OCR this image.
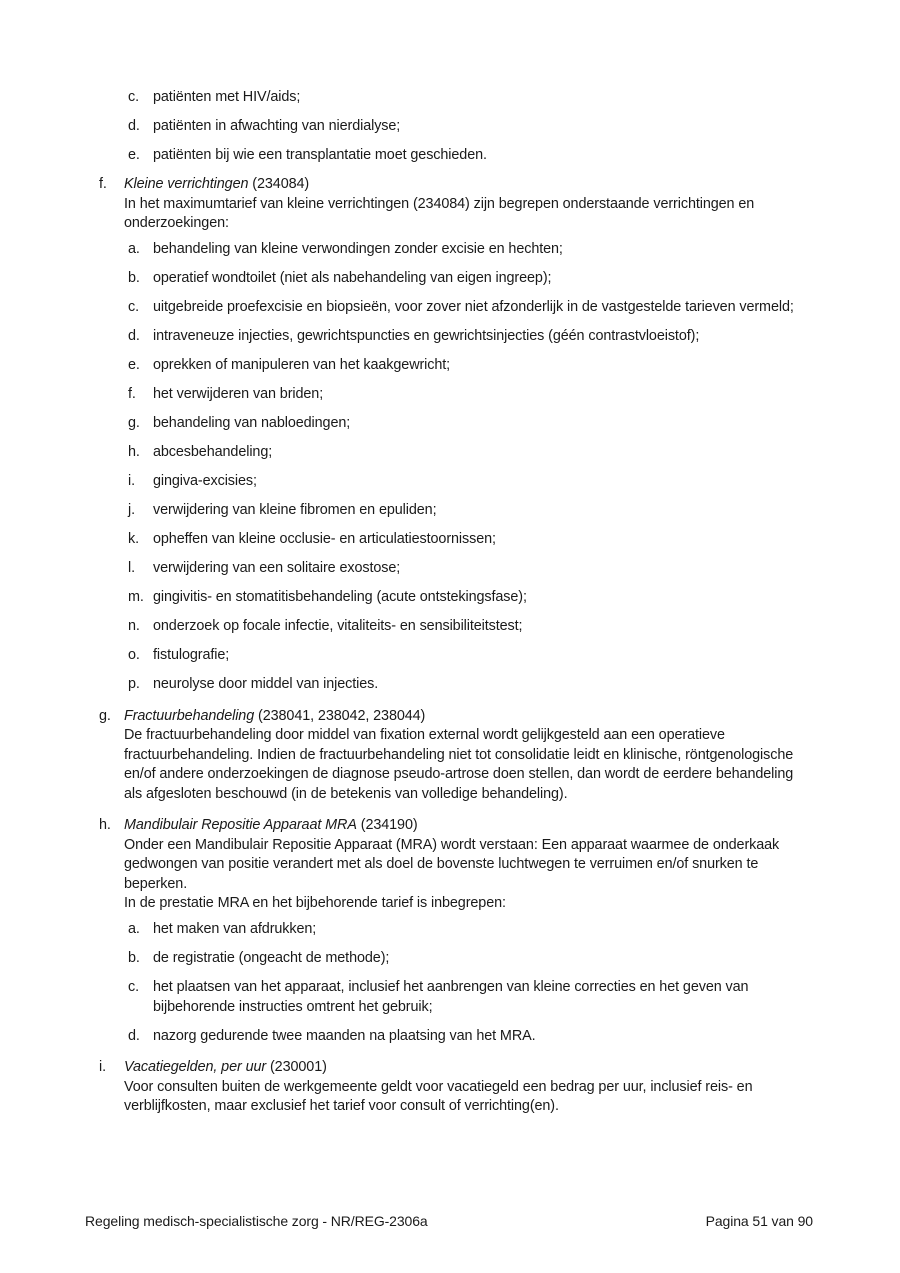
c. patiënten met HIV/aids;
d. patiënten in afwachting van nierdialyse;
e. patiënten bij wie een transplantatie moet geschieden.
f. Kleine verrichtingen (234084)

In het maximumtarief van kleine verrichtingen (234084) zijn begrepen onderstaande verrichtingen en onderzoekingen:

a. behandeling van kleine verwondingen zonder excisie en hechten;
b. operatief wondtoilet (niet als nabehandeling van eigen ingreep);
c. uitgebreide proefexcisie en biopsieën, voor zover niet afzonderlijk in de vastgestelde tarieven vermeld;
d. intraveneuze injecties, gewrichtspuncties en gewrichtsinjecties (géén contrastvloeistof);
e. oprekken of manipuleren van het kaakgewricht;
f.	het verwijderen van briden;
g. behandeling van nabloedingen;
h. abcesbehandeling;
i.	gingiva-excisies;
j.	verwijdering van kleine fibromen en epuliden;
k. opheffen van kleine occlusie- en articulatiestoornissen;
l.	verwijdering van een solitaire exostose;
m. gingivitis- en stomatitisbehandeling (acute ontstekingsfase);
n. onderzoek op focale infectie, vitaliteits- en sensibiliteitstest;
o. fistulografie;
p. neurolyse door middel van injecties.
g. Fractuurbehandeling (238041, 238042, 238044)

De fractuurbehandeling door middel van fixation external wordt gelijkgesteld aan een operatieve fractuurbehandeling. Indien de fractuurbehandeling niet tot consolidatie leidt en klinische, röntgenologische en/of andere onderzoekingen de diagnose pseudo-artrose doen stellen, dan wordt de eerdere behandeling als afgesloten beschouwd (in de betekenis van volledige behandeling).

h. Mandibulair Repositie Apparaat MRA (234190)

Onder een Mandibulair Repositie Apparaat (MRA) wordt verstaan: Een apparaat waarmee de onderkaak gedwongen van positie verandert met als doel de bovenste luchtwegen te verruimen en/of snurken te beperken.

In de prestatie MRA en het bijbehorende tarief is inbegrepen:

a. het maken van afdrukken;
b. de registratie (ongeacht de methode);
c. het plaatsen van het apparaat, inclusief het aanbrengen van kleine correcties en het geven van bijbehorende instructies omtrent het gebruik;
d. nazorg gedurende twee maanden na plaatsing van het MRA.
i. Vacatiegelden, per uur (230001)

Voor consulten buiten de werkgemeente geldt voor vacatiegeld een bedrag per uur, inclusief reis- en verblijfkosten, maar exclusief het tarief voor consult of verrichting(en).

Regeling medisch-specialistische zorg - NR/REG-2306a	Pagina 51 van 90
